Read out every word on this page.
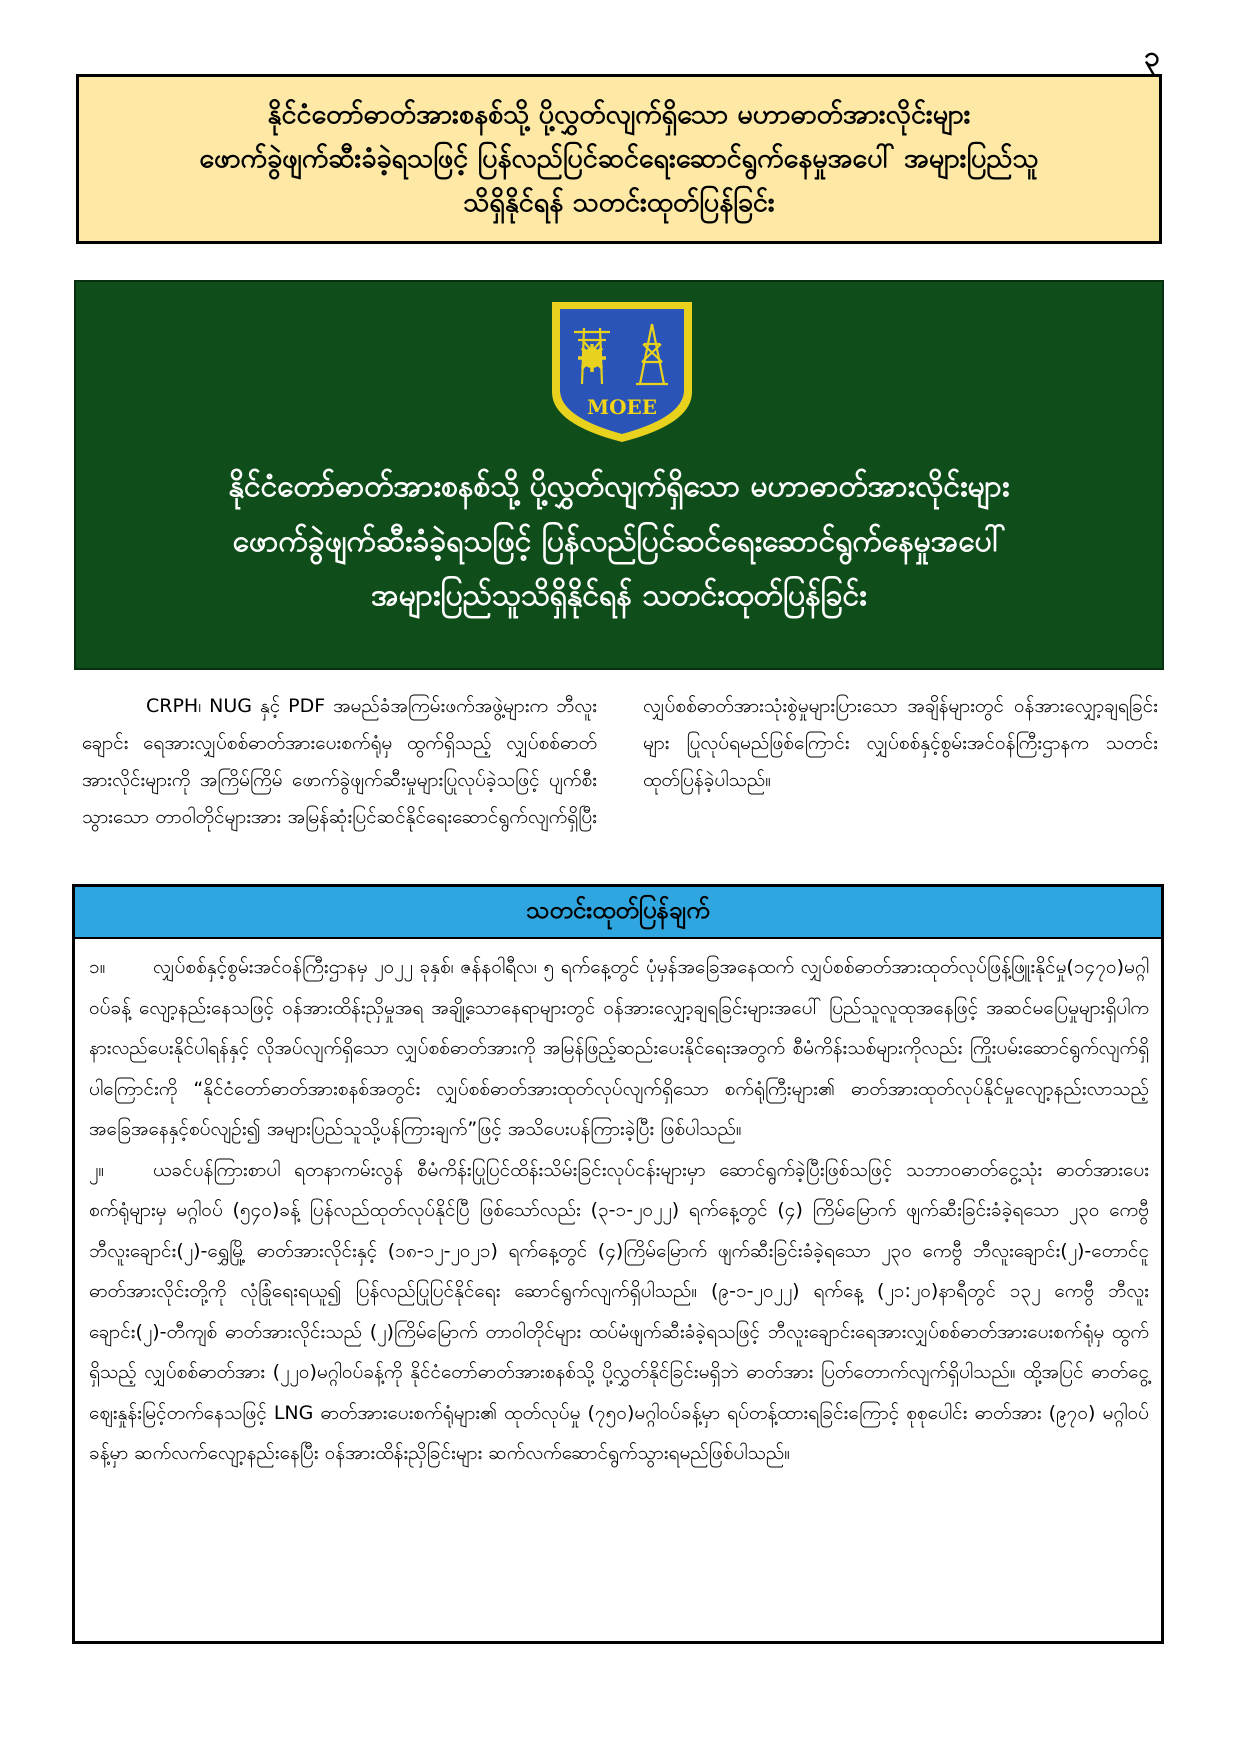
၃
နိုင်ငံတော်ဓာတ်အားစနစ်သို့ ပို့လွှတ်လျက်ရှိသော မဟာဓာတ်အားလိုင်းများ
ဖောက်ခွဲဖျက်ဆီးခံခဲ့ရသဖြင့် ပြန်လည်ပြင်ဆင်ရေးဆောင်ရွက်နေမှုအပေါ် အများပြည်သူ
သိရှိနိုင်ရန် သတင်းထုတ်ပြန်ခြင်း
MOEE
နိုင်ငံတော်ဓာတ်အားစနစ်သို့ ပို့လွှတ်လျက်ရှိသော မဟာဓာတ်အားလိုင်းများ
ဖောက်ခွဲဖျက်ဆီးခံခဲ့ရသဖြင့် ပြန်လည်ပြင်ဆင်ရေးဆောင်ရွက်နေမှုအပေါ်
အများပြည်သူသိရှိနိုင်ရန် သတင်းထုတ်ပြန်ခြင်း

CRPH၊ NUG နှင့် PDF အမည်ခံအကြမ်းဖက်အဖွဲ့များက ဘီလူးချောင်း ရေအားလျှပ်စစ်ဓာတ်အားပေးစက်ရုံမှ ထွက်ရှိသည့် လျှပ်စစ်ဓာတ်အားလိုင်းများကို အကြိမ်ကြိမ် ဖောက်ခွဲဖျက်ဆီးမှုများပြုလုပ်ခဲ့သဖြင့် ပျက်စီးသွားသော တာဝါတိုင်များအား အမြန်ဆုံးပြင်ဆင်နိုင်ရေးဆောင်ရွက်လျက်ရှိပြီး လျှပ်စစ်ဓာတ်အားသုံးစွဲမှုများပြားသော အချိန်များတွင် ဝန်အားလျှော့ချရခြင်းများ ပြုလုပ်ရမည်ဖြစ်ကြောင်း လျှပ်စစ်နှင့်စွမ်းအင်ဝန်ကြီးဌာနက သတင်းထုတ်ပြန်ခဲ့ပါသည်။

သတင်းထုတ်ပြန်ချက်

၁။	လျှပ်စစ်နှင့်စွမ်းအင်ဝန်ကြီးဌာနမှ ၂၀၂၂ ခုနှစ်၊ ဇန်နဝါရီလ၊ ၅ ရက်နေ့တွင် ပုံမှန်အခြေအနေထက် လျှပ်စစ်ဓာတ်အားထုတ်လုပ်ဖြန့်ဖြူးနိုင်မှု(၁၄၇၀)မဂ္ဂါဝပ်ခန့် လျော့နည်းနေသဖြင့် ဝန်အားထိန်းညှိမှုအရ အချို့သောနေရာများတွင် ဝန်အားလျှော့ချရခြင်းများအပေါ် ပြည်သူလူထုအနေဖြင့် အဆင်မပြေမှုများရှိပါက နားလည်ပေးနိုင်ပါရန်နှင့် လိုအပ်လျက်ရှိသော လျှပ်စစ်ဓာတ်အားကို အမြန်ဖြည့်ဆည်းပေးနိုင်ရေးအတွက် စီမံကိန်းသစ်များကိုလည်း ကြိုးပမ်းဆောင်ရွက်လျက်ရှိပါကြောင်းကို “နိုင်ငံတော်ဓာတ်အားစနစ်အတွင်း လျှပ်စစ်ဓာတ်အားထုတ်လုပ်လျက်ရှိသော စက်ရုံကြီးများ၏ ဓာတ်အားထုတ်လုပ်နိုင်မှုလျော့နည်းလာသည့် အခြေအနေနှင့်စပ်လျဉ်း၍ အများပြည်သူသို့ပန်ကြားချက်”ဖြင့် အသိပေးပန်ကြားခဲ့ပြီး ဖြစ်ပါသည်။

၂။	ယခင်ပန်ကြားစာပါ ရတနာကမ်းလွန် စီမံကိန်းပြုပြင်ထိန်းသိမ်းခြင်းလုပ်ငန်းများမှာ ဆောင်ရွက်ခဲ့ပြီးဖြစ်သဖြင့် သဘာဝဓာတ်ငွေ့သုံး ဓာတ်အားပေးစက်ရုံများမှ မဂ္ဂါဝပ် (၅၄၀)ခန့် ပြန်လည်ထုတ်လုပ်နိုင်ပြီ ဖြစ်သော်လည်း (၃-၁-၂၀၂၂) ရက်နေ့တွင် (၄) ကြိမ်မြောက် ဖျက်ဆီးခြင်းခံခဲ့ရသော ၂၃၀ ကေဗွီ ဘီလူးချောင်း(၂)-ရွှေမြို့ ဓာတ်အားလိုင်းနှင့် (၁၈-၁၂-၂၀၂၁) ရက်နေ့တွင် (၄)ကြိမ်မြောက် ဖျက်ဆီးခြင်းခံခဲ့ရသော ၂၃၀ ကေဗွီ ဘီလူးချောင်း(၂)-တောင်ငူ ဓာတ်အားလိုင်းတို့ကို လုံခြုံရေးရယူ၍ ပြန်လည်ပြုပြင်နိုင်ရေး ဆောင်ရွက်လျက်ရှိပါသည်။ (၉-၁-၂၀၂၂) ရက်နေ့ (၂၁:၂၀)နာရီတွင် ၁၃၂ ကေဗွီ ဘီလူးချောင်း(၂)-တီကျစ် ဓာတ်အားလိုင်းသည် (၂)ကြိမ်မြောက် တာဝါတိုင်များ ထပ်မံဖျက်ဆီးခံခဲ့ရသဖြင့် ဘီလူးချောင်းရေအားလျှပ်စစ်ဓာတ်အားပေးစက်ရုံမှ ထွက်ရှိသည့် လျှပ်စစ်ဓာတ်အား (၂၂၀)မဂ္ဂါဝပ်ခန့်ကို နိုင်ငံတော်ဓာတ်အားစနစ်သို့ ပို့လွှတ်နိုင်ခြင်းမရှိဘဲ ဓာတ်အား ပြတ်တောက်လျက်ရှိပါသည်။ ထို့အပြင် ဓာတ်ငွေ့ဈေးနှုန်းမြင့်တက်နေသဖြင့် LNG ဓာတ်အားပေးစက်ရုံများ၏ ထုတ်လုပ်မှု (၇၅၀)မဂ္ဂါဝပ်ခန့်မှာ ရပ်တန့်ထားရခြင်းကြောင့် စုစုပေါင်း ဓာတ်အား (၉၇၀) မဂ္ဂါဝပ်ခန့်မှာ ဆက်လက်လျော့နည်းနေပြီး ဝန်အားထိန်းညှိခြင်းများ ဆက်လက်ဆောင်ရွက်သွားရမည်ဖြစ်ပါသည်။
